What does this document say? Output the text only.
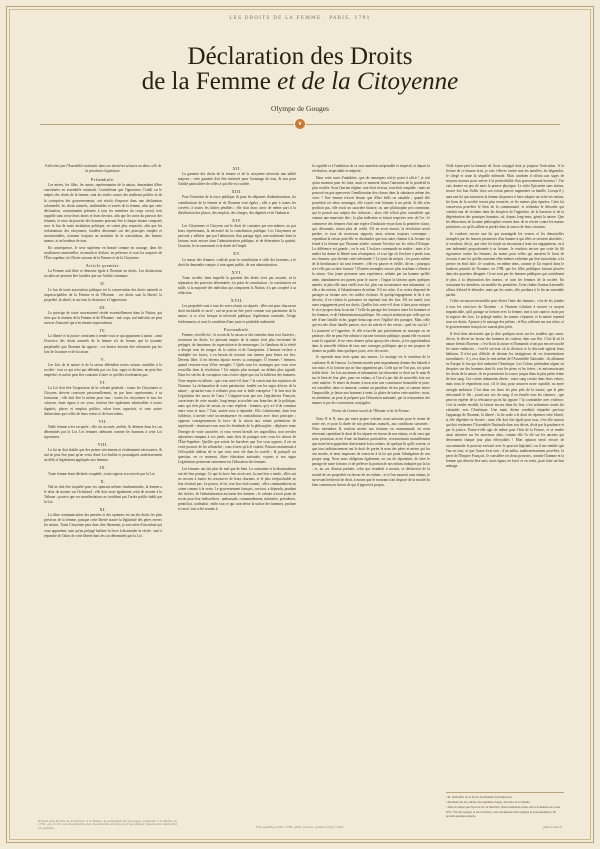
LES DROITS DE LA FEMME · PARIS, 1791
Déclaration des Droits
de la Femme et de la Citoyenne
Olympe de Gouges
❦

A décréter par l'Assemblée nationale dans ses dernières séances ou dans celle de la prochaine législature.

Préambule.

Les mères, les filles, les sœurs, représentantes de la nation, demandent d'être constituées en assemblée nationale. Considérant que l'ignorance, l'oubli ou le mépris des droits de la femme, sont les seules causes des malheurs publics et de la corruption des gouvernements, ont résolu d'exposer dans une déclaration solemnelle, les droits naturels, inaliénables et sacrés de la femme, afin que cette déclaration, constamment présente à tous les membres du corps social, leur rappelle sans cesse leurs droits et leurs devoirs, afin que les actes du pouvoir des femmes, et ceux du pouvoir des hommes pouvant être à chaque instant comparés avec le but de toute institution politique, en soient plus respectés, afin que les réclamations des citoyennes, fondées désormais sur des principes simples et incontestables, tournent toujours au maintien de la constitution, des bonnes mœurs, et au bonheur de tous.

En conséquence, le sexe supérieur en beauté comme en courage, dans les souffrances maternelles, reconnaît et déclare, en présence et sous les auspices de l'Être suprême, les Droits suivans de la Femme et de la Citoyenne.

Article premier.

La Femme naît libre et demeure égale à l'homme en droits. Les distinctions sociales ne peuvent être fondées que sur l'utilité commune.

II.

Le but de toute association politique est la conservation des droits naturels et imprescriptibles de la Femme et de l'Homme : ces droits sont la liberté, la propriété, la sûreté, et sur-tout la résistance à l'oppression.

III.

Le principe de toute souveraineté réside essentiellement dans la Nation, qui n'est que la réunion de la Femme et de l'Homme : nul corps, nul individu, ne peut exercer d'autorité qui n'en émane expressément.

IV.

La liberté et la justice consistent à rendre tout ce qui appartient à autrui ; ainsi l'exercice des droits naturels de la femme n'a de bornes que la tyrannie perpétuelle que l'homme lui oppose ; ces bornes doivent être réformées par les loix de la nature et de la raison.

V.

Les loix de la nature et de la raison défendent toutes actions nuisibles à la société : tout ce qui n'est pas défendu par ces loix, sages et divines, ne peut être empêché, et nul ne peut être contraint à faire ce qu'elles n'ordonnent pas.

VI.

La Loi doit être l'expression de la volonté générale ; toutes les Citoyennes et Citoyens doivent concourir personnellement, ou par leurs représentans, à sa formation ; elle doit être la même pour tous : toutes les citoyennes et tous les citoyens, étant égaux à ses yeux, doivent être également admissibles à toutes dignités, places et emplois publics, selon leurs capacités, et sans autres distinctions que celles de leurs vertus et de leurs talens.

VII.

Nulle femme n'est exceptée ; elle est accusée, arrêtée, & détenue dans les cas déterminés par la Loi. Les femmes obéissent comme les hommes à cette Loi rigoureuse.

VIII.

La loi ne doit établir que des peines strictement et évidemment nécessaires, & nul ne peut être puni qu'en vertu d'une Loi établie et promulguée antérieurement au délit et légalement appliquée aux femmes.

IX.

Toute femme étant déclarée coupable ; toute rigueur est exercée par la Loi.

X.

Nul ne doit être inquiété pour ses opinions mêmes fondamentales, la femme a le droit de monter sur l'échafaud ; elle doit avoir également celui de monter à la Tribune ; pourvu que ses manifestations ne troublent pas l'ordre public établi par la Loi.

XI.

La libre communication des pensées et des opinions est un des droits les plus précieux de la femme, puisque cette liberté assure la légitimité des pères envers les enfans. Toute Citoyenne peut donc dire librement, je suis mère d'un enfant qui vous appartient, sans qu'un préjugé barbare la force à dissimuler la vérité ; sauf à répondre de l'abus de cette liberté dans les cas déterminés par la Loi.

XII.

La garantie des droits de la femme et de la citoyenne nécessite une utilité majeure ; cette garantie doit être instituée pour l'avantage de tous, & non pour l'utilité particulière de celles à qui elle est confiée.

XIII.

Pour l'entretien de la force publique, & pour les dépenses d'administration, les contributions de la femme et de l'homme sont égales ; elle a part à toutes les corvées, à toutes les tâches pénibles ; elle doit donc avoir de même part à la distribution des places, des emplois, des charges, des dignités et de l'industrie.

XIV.

Les Citoyennes et Citoyens ont le droit de constater par eux-mêmes, ou par leurs représentans, la nécessité de la contribution publique. Les Citoyennes ne peuvent y adhérer que par l'admission d'un partage égal, non-seulement dans la fortune, mais encore dans l'administration publique, et de déterminer la quotité, l'assiette, le recouvrement et la durée de l'impôt.

XV.

La masse des femmes, coalisée pour la contribution à celle des hommes, a le droit de demander compte, à tout agent public, de son administration.

XVI.

Toute société, dans laquelle la garantie des droits n'est pas assurée, ni la séparation des pouvoirs déterminée, n'a point de constitution ; la constitution est nulle, si la majorité des individus qui composent la Nation, n'a pas coopéré à sa rédaction.

XVII.

Les propriétés sont à tous les sexes réunis ou séparés ; elles ont pour chacun un droit inviolable et sacré ; nul ne peut en être privé comme vrai patrimoine de la nature, si ce n'est lorsque la nécessité publique, légalement constatée, l'exige évidemment, et sous la condition d'une juste et préalable indemnité.

Postambule.

Femme, réveille-toi ; le tocsin de la raison se fait entendre dans tout l'univers ; reconnois tes droits. Le puissant empire de la nature n'est plus environné de préjugés, de fanatisme, de superstition et de mensonges. Le flambeau de la vérité a dissipé tous les nuages de la sottise et de l'usurpation. L'homme esclave a multiplié ses forces, a eu besoin de recourir aux tiennes pour briser ses fers. Devenu libre, il est devenu injuste envers sa compagne. Ô femmes ! femmes, quand cesserez-vous d'être aveugles ? Quels sont les avantages que vous avez recueillis dans la révolution ? Un mépris plus marqué, un dédain plus signalé. Dans les siècles de corruption vous n'avez régné que sur la foiblesse des hommes. Votre empire est détruit ; que vous reste-t-il donc ? la conviction des injustices de l'homme. La réclamation de votre patrimoine, fondée sur les sages décrets de la nature ; qu'auriez-vous à redouter pour une si belle entreprise ? le bon mot du Législateur des noces de Cana ? Craignez-vous que nos Législateurs François, correcteurs de cette morale, long-temps accrochée aux branches de la politique, mais qui n'est plus de saison, ne vous répètent : femmes, qu'y a-t-il de commun entre vous et nous ? Tout, auriez-vous à répondre. S'ils s'obstinoient, dans leur foiblesse, à mettre cette inconséquence en contradiction avec leurs principes ; opposez courageusement la force de la raison aux vaines prétentions de supériorité ; réunissez-vous sous les étendards de la philosophie ; déployez toute l'énergie de votre caractère, et vous verrez bientôt ces orgueilleux, non serviles adorateurs rampans à vos pieds, mais fiers de partager avec vous les trésors de l'Être-Suprême. Quelles que soient les barrières que l'on vous oppose, il est en votre pouvoir de les affranchir ; vous n'avez qu'à le vouloir. Passons maintenant à l'effroyable tableau de ce que vous avez été dans la société ; & puisqu'il est question, en ce moment, d'une éducation nationale, voyons si nos sages Législateurs penseront sainement sur l'éducation des femmes.

Les femmes ont fait plus de mal que de bien. La contrainte et la dissimulation ont été leur partage. Ce que la force leur avoit ravi, la ruse leur a rendu ; elles ont eu recours à toutes les ressources de leurs charmes, et le plus irréprochable ne leur résistoit pas. Le poison, le fer, tout leur étoit soumis ; elles commandoient au crime comme à la vertu. Le gouvernement français, sur-tout, a dépendu, pendant des siècles, de l'administration nocturne des femmes ; le cabinet n'avoit point de secret pour leur indiscrétion : ambassade, commandement, ministère, présidence, pontificat, cardinalat ; enfin tout ce qui caractérise la sottise des hommes, profane et sacré, tout a été soumis à

la cupidité et à l'ambition de ce sexe autrefois méprisable et respecté, et depuis la révolution, respectable et méprisé.

Dans cette sorte d'antithèse, que de remarques n'ai-je point à offrir ! je n'ai qu'un moment pour les faire, mais ce moment fixera l'attention de la postérité la plus reculée. Sous l'ancien régime, tout étoit vicieux, tout étoit coupable ; mais ne pourroit-on pas apercevoir l'amélioration des choses dans la substance même des vices ? Une femme n'avoit besoin que d'être belle ou aimable ; quand elle possédoit ces deux avantages, elle voyoit cent fortunes à ses pieds. Si elle n'en profitoit pas, elle avoit un caractère bizarre, ou une philosophie peu commune, qui la portoit aux mépris des richesses ; alors elle n'étoit plus considérée que comme une mauvaise tête ; la plus indécente se faisoit respecter avec de l'or ; le commerce des femmes étoit une espèce d'industrie reçue dans la première classe, qui, désormais, n'aura plus de crédit. S'il en avoit encore, la révolution seroit perdue, et sous de nouveaux rapports, nous serions toujours corrompus ; cependant la raison peut-elle se dissimuler que tout autre chemin à la fortune est fermé à la femme que l'homme achète, comme l'esclave sur les côtes d'Afrique. La différence est grande ; on le sait. L'esclave commande au maître ; mais si le maître lui donne la liberté sans récompense, et à un âge où l'esclave a perdu tous ses charmes, que devient cette infortunée ? Le jouet du mépris ; les portes même de la bienfaisance lui sont fermées ; elle est pauvre et vieille, dit-on ; pourquoi n'a-t-elle pas su faire fortune ? D'autres exemples encore plus touchans s'offrent à la raison. Une jeune personne sans expérience, séduite par un homme qu'elle aime, abandonnera ses parens pour le suivre ; l'ingrat la laissera après quelques années, et plus elle aura vieilli avec lui, plus son inconstance sera inhumaine ; si elle a des enfans, il l'abandonnera de même. S'il est riche, il se croira dispensé de partager sa fortune avec ses nobles victimes. Si quelqu'engagement le lie à ses devoirs, il en violera la puissance en espérant tout des loix. S'il est marié, tout autre engagement perd ses droits. Quelles loix reste-t-il donc à faire pour extirper le vice jusques dans la racine ? Celle du partage des fortunes entre les hommes et les femmes, et de l'administration publique. On conçoit aisément que celle qui est née d'une famille riche, gagne beaucoup avec l'égalité des partages. Mais celle qui est née d'une famille pauvre, avec du mérite et des vertus ; quel est son lot ? La pauvreté et l'opprobre. Si elle n'excelle pas précisément en musique ou en peinture, elle ne peut être admise à aucune fonction publique, quand elle en auroit toute la capacité. Je ne veux donner qu'un aperçu des choses, je les approfondirai dans la nouvelle édition de tous mes ouvrages politiques que je me propose de donner au public dans quelques jours, avec des notes.

Je reprends mon texte quant aux mœurs. Le mariage est le tombeau de la confiance & de l'amour. La femme mariée peut impunément donner des bâtards à son mari, et la fortune qui ne leur appartient pas. Celle qui ne l'est pas, n'a qu'un foible droit : les loix anciennes et inhumaines lui refusoient ce droit sur le nom & sur le bien de leur père, pour ses enfans, et l'on n'a pas fait de nouvelles loix sur cette matière. Si tenter de donner à mon sexe une consistance honorable et juste, est considéré, dans ce moment, comme un paradoxe de ma part, et comme tenter l'impossible, je laisse aux hommes à venir, la gloire de traiter cette matière ; mais, en attendant, on peut la préparer par l'éducation nationale, par la restauration des mœurs et par les conventions conjugales.

Forme du Contrat social de l'Homme et de la Femme.

Nous N et N, mus par notre propre volonté, nous unissons pour le terme de notre vie, et pour la durée de nos penchans mutuels, aux conditions suivantes : Nous entendons & voulons mettre nos fortunes en communauté, en nous réservant cependant le droit de les séparer en faveur de nos enfans, et de ceux que nous pourrions avoir d'une inclination particulière, reconnoissant mutuellement que notre bien appartient directement à nos enfans, de quelque lit qu'ils sortent, et que tous indistinctement ont le droit de porter le nom des pères et mères qui les ont avoués, et nous imposons de souscrire à la loi qui punit l'abnégation de son propre sang. Nous nous obligeons également, au cas de séparation, de faire le partage de notre fortune, et de prélever la portion de nos enfans indiquée par la loi ; et, au cas d'union parfaite, celui qui viendroit à mourir, se désisteroit de la moitié de ses propriétés en faveur de ses enfans ; et si l'un mouroit sans enfans, le survivant hériteroit de droit, à moins que le mourant n'ait disposé de la moitié du bien commun en faveur de qui il jugeroit à propos.

Voilà à-peu-près la formule de l'acte conjugal dont je propose l'exécution. À la lecture de ce bizarre écrit, je vois s'élever contre moi les tartuffes, les bégueules, le clergé et toute la séquelle infernale. Mais combien il offrira aux sages de moyens moraux pour arriver à la perfectibilité d'un gouvernement heureux ! J'en vais donner en peu de mots la preuve physique. Le riche Epicurien sans enfans, trouve fort bon d'aller chez son voisin pauvre augmenter sa famille. Lorsqu'il y aura une loi qui autorisera la femme du pauvre à faire adopter au riche ses enfans, les liens de la société seront plus resserrés, et les mœurs plus épurées. Cette loi conservera peut-être le bien de la communauté, et retiendra le désordre qui conduit tant de victimes dans les hospices de l'opprobre, de la bassesse et de la dégénération des principes humains, où, depuis long-tems, gémit la nature. Que les détracteurs de la saine philosophie cessent donc de se récrier contre les mœurs primitives, ou qu'ils aillent se perdre dans la source de leurs citations.

Je voudrois encore une loi qui avantageât les veuves et les demoiselles trompées par les fausses promesses d'un homme à qui elles se seroient attachées ; je voudrois, dis-je, que cette loi forçât un inconstant à tenir ses engagemens, ou à une indemnité proportionnée à sa fortune. Je voudrois encore que cette loi fût rigoureuse contre les femmes, du moins pour celles qui auroient le front de recourir à une loi qu'elles auroient elles-mêmes enfreinte par leur inconduite, si la preuve en étoit faite. Je voudrois, en même tems, comme je l'ai exposé dans le bonheur primitif de l'homme, en 1788, que les filles publiques fussent placées dans des quartiers désignés. Ce ne sont pas les femmes publiques qui contribuent le plus à la dépravation des mœurs, ce sont les femmes de la société. En restaurant les dernières, on modifie les premières. Cette chaîne d'union fraternelle offrira d'abord le désordre, mais par les suites, elle produira à la fin un ensemble parfait.

J'offre un moyen invincible pour élever l'ame des femmes ; c'est de les joindre à tous les exercices de l'homme : si l'homme s'obstine à trouver ce moyen impraticable, qu'il partage sa fortune avec la femme, non à son caprice, mais par la sagesse des loix. Le préjugé tombe, les mœurs s'épurent, et la nature reprend tous ses droits. Ajoutez-y le mariage des prêtres ; le Roi, raffermi sur son trône, et le gouvernement françois ne sauroit plus périr.

Il étoit bien nécessaire que je dise quelques mots sur les troubles que cause, dit-on, le décret en faveur des hommes de couleur, dans nos îles. C'est-là où la nature frémit d'horreur ; c'est-là où la raison et l'humanité, n'ont pas encore touché les ames endurcies ; c'est-là sur-tout où la division et la discorde agitent leurs habitans. Il n'est pas difficile de deviner les instigateurs de ces fermentations incendiaires : il y en a dans le sein même de l'Assemblée Nationale : ils allument en Europe le feu qui doit embraser l'Amérique. Les Colons prétendent régner en despotes sur des hommes dont ils sont les pères et les frères ; et méconnoissant les droits de la nature, ils en poursuivent la source jusque dans la plus petite teinte de leur sang. Ces colons inhumains disent : notre sang circule dans leurs veines, mais nous le répandrons tout, s'il le faut, pour assouvir notre cupidité, ou notre aveugle ambition. C'est dans ces lieux les plus près de la nature, que le père méconnoît le fils ; sourd aux cris du sang, il en étouffe tous les charmes ; que peut-on espérer de la résistance qu'on lui oppose ? la contraindre avec violence, c'est la rendre terrible, la laisser encore dans les fers, c'est acheminer toutes les calamités vers l'Amérique. Une main divine sembloit répandre par-tout l'appanage de l'homme, la liberté ; la loi seule a le droit de réprimer cette liberté, si elle dégénère en licence ; mais elle doit être égale pour tous, c'est elle surtout qui doit renfermer l'Assemblée Nationale dans son décret, dicté par la prudence et par la justice. Puisse-t-elle agir de même pour l'état de la France, et se rendre aussi attentive sur les nouveaux abus, comme elle l'a été sur les anciens qui deviennent chaque jour plus effroyables ! Mon opinion seroit encore de raccommoder le pouvoir exécutif avec le pouvoir législatif, car il me semble que l'un est tout, et que l'autre n'est rien ; d'où naîtra, malheureusement peut-être, la perte de l'Empire François. Je considère ces deux pouvoirs, comme l'homme et la femme qui doivent être unis, mais égaux en force et en vertu, pour faire un bon ménage.

¹ M. de Bouffé, de la Façon du madame de Pompadour.

² Abraham eut des enfans très-légitimes d'Agar, servante de sa femme.

³ Dans le temps que Wyer de M. de Merville, Ninon demanda qu'elle eût le traitement de Louis XVI ? On fut repassé, et sur la Nation, cette mademoise extravagante le gouvernement a dû prendre quelques égards.

Extrait des Droits de la femme, à la Reine, le pamphlet de 24 pages, présenté à la Reine en 1791, pp. 6-12. Les documents des documents ont été pour les enjeux réserveurs mémorial en publiés.	The spelling of the 1791 print, (above, gallica bnf.fr ) ibid.	gallica.bnf.fr
